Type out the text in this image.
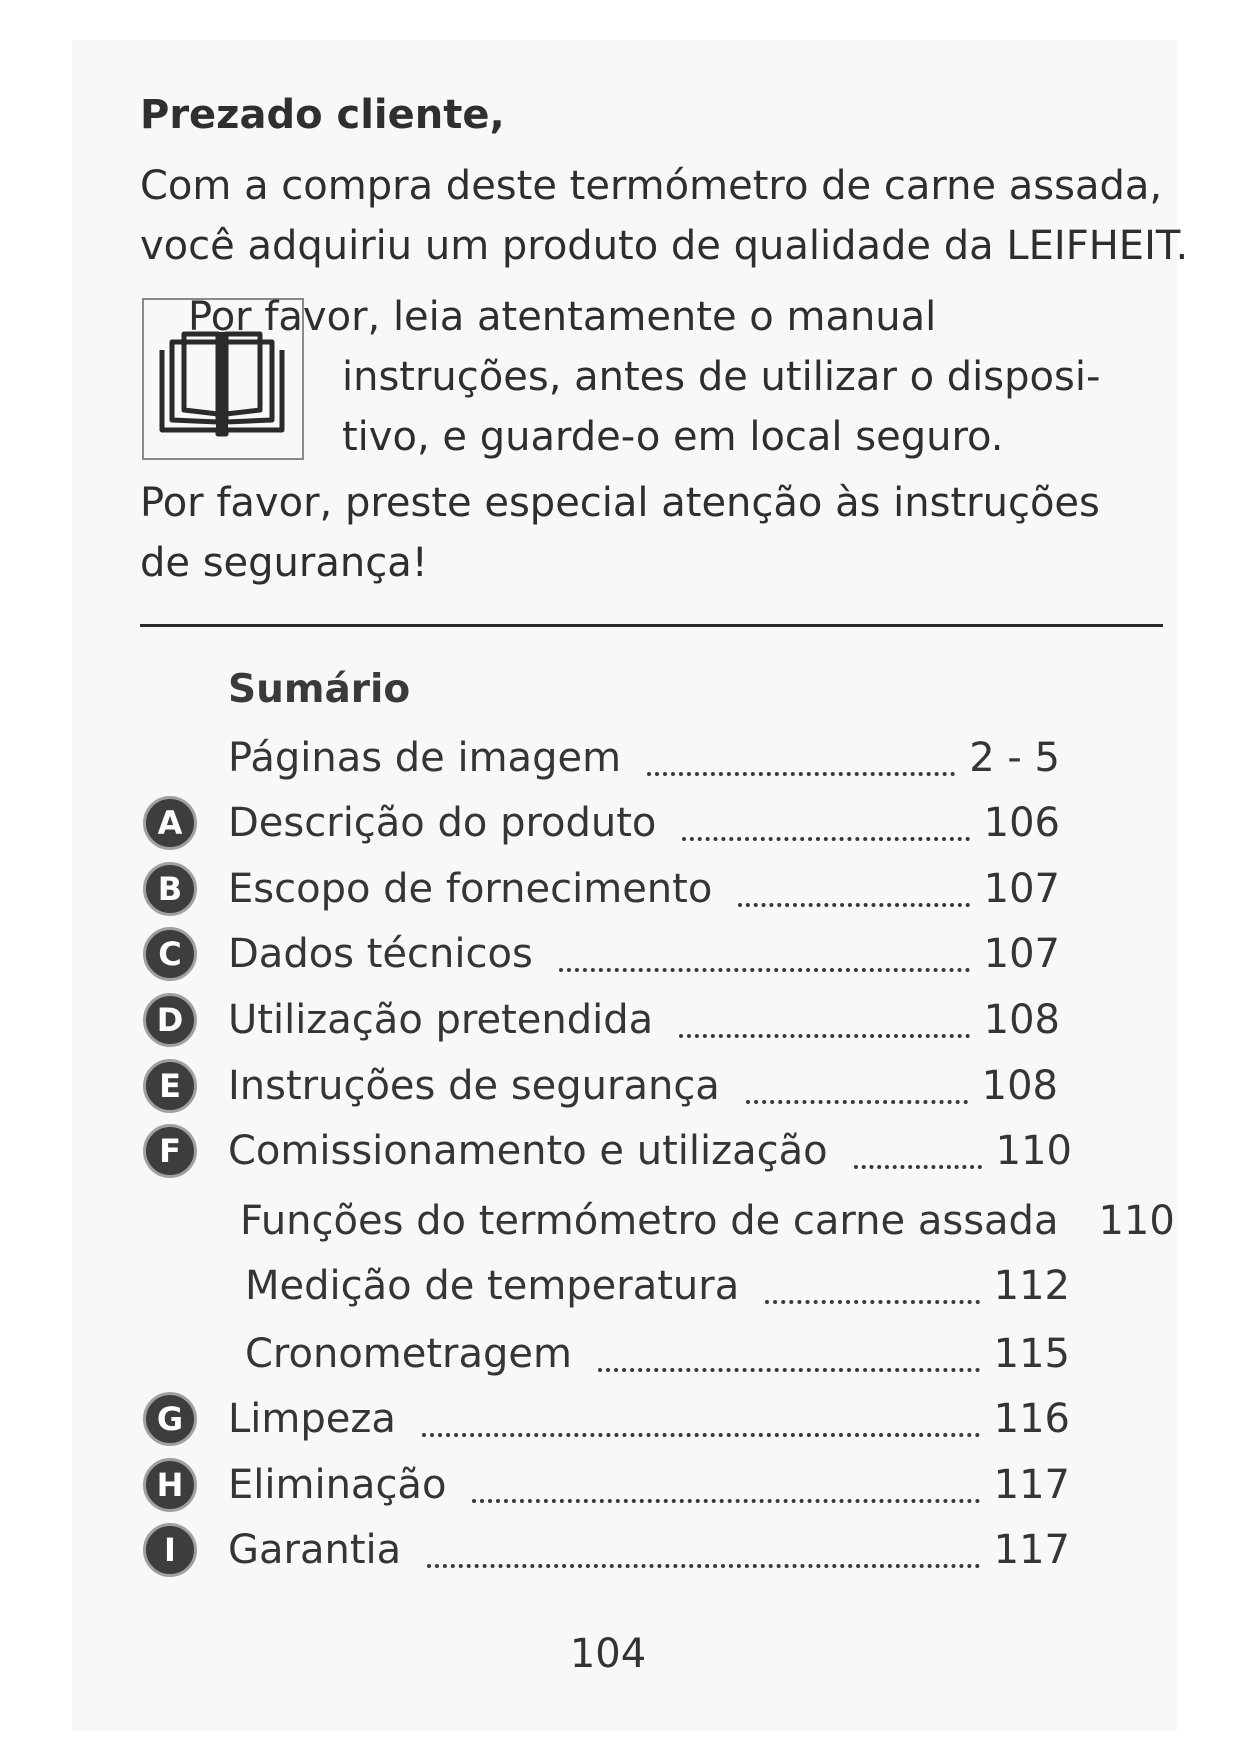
Prezado cliente,
Com a compra deste termómetro de carne assada,
você adquiriu um produto de qualidade da LEIFHEIT.
Por favor, leia atentamente o manual
instruções, antes de utilizar o disposi-
tivo, e guarde-o em local seguro.
Por favor, preste especial atenção às instruções
de segurança!
Sumário
Páginas de imagem	2 - 5
A	Descrição do produto	106
B	Escopo de fornecimento	107
C	Dados técnicos	107
D	Utilização pretendida	108
E	Instruções de segurança	108
F	Comissionamento e utilização	110
Funções do termómetro de carne assada 110
Medição de temperatura	112
Cronometragem	115
G	Limpeza	116
H	Eliminação	117
I	Garantia	117
104
